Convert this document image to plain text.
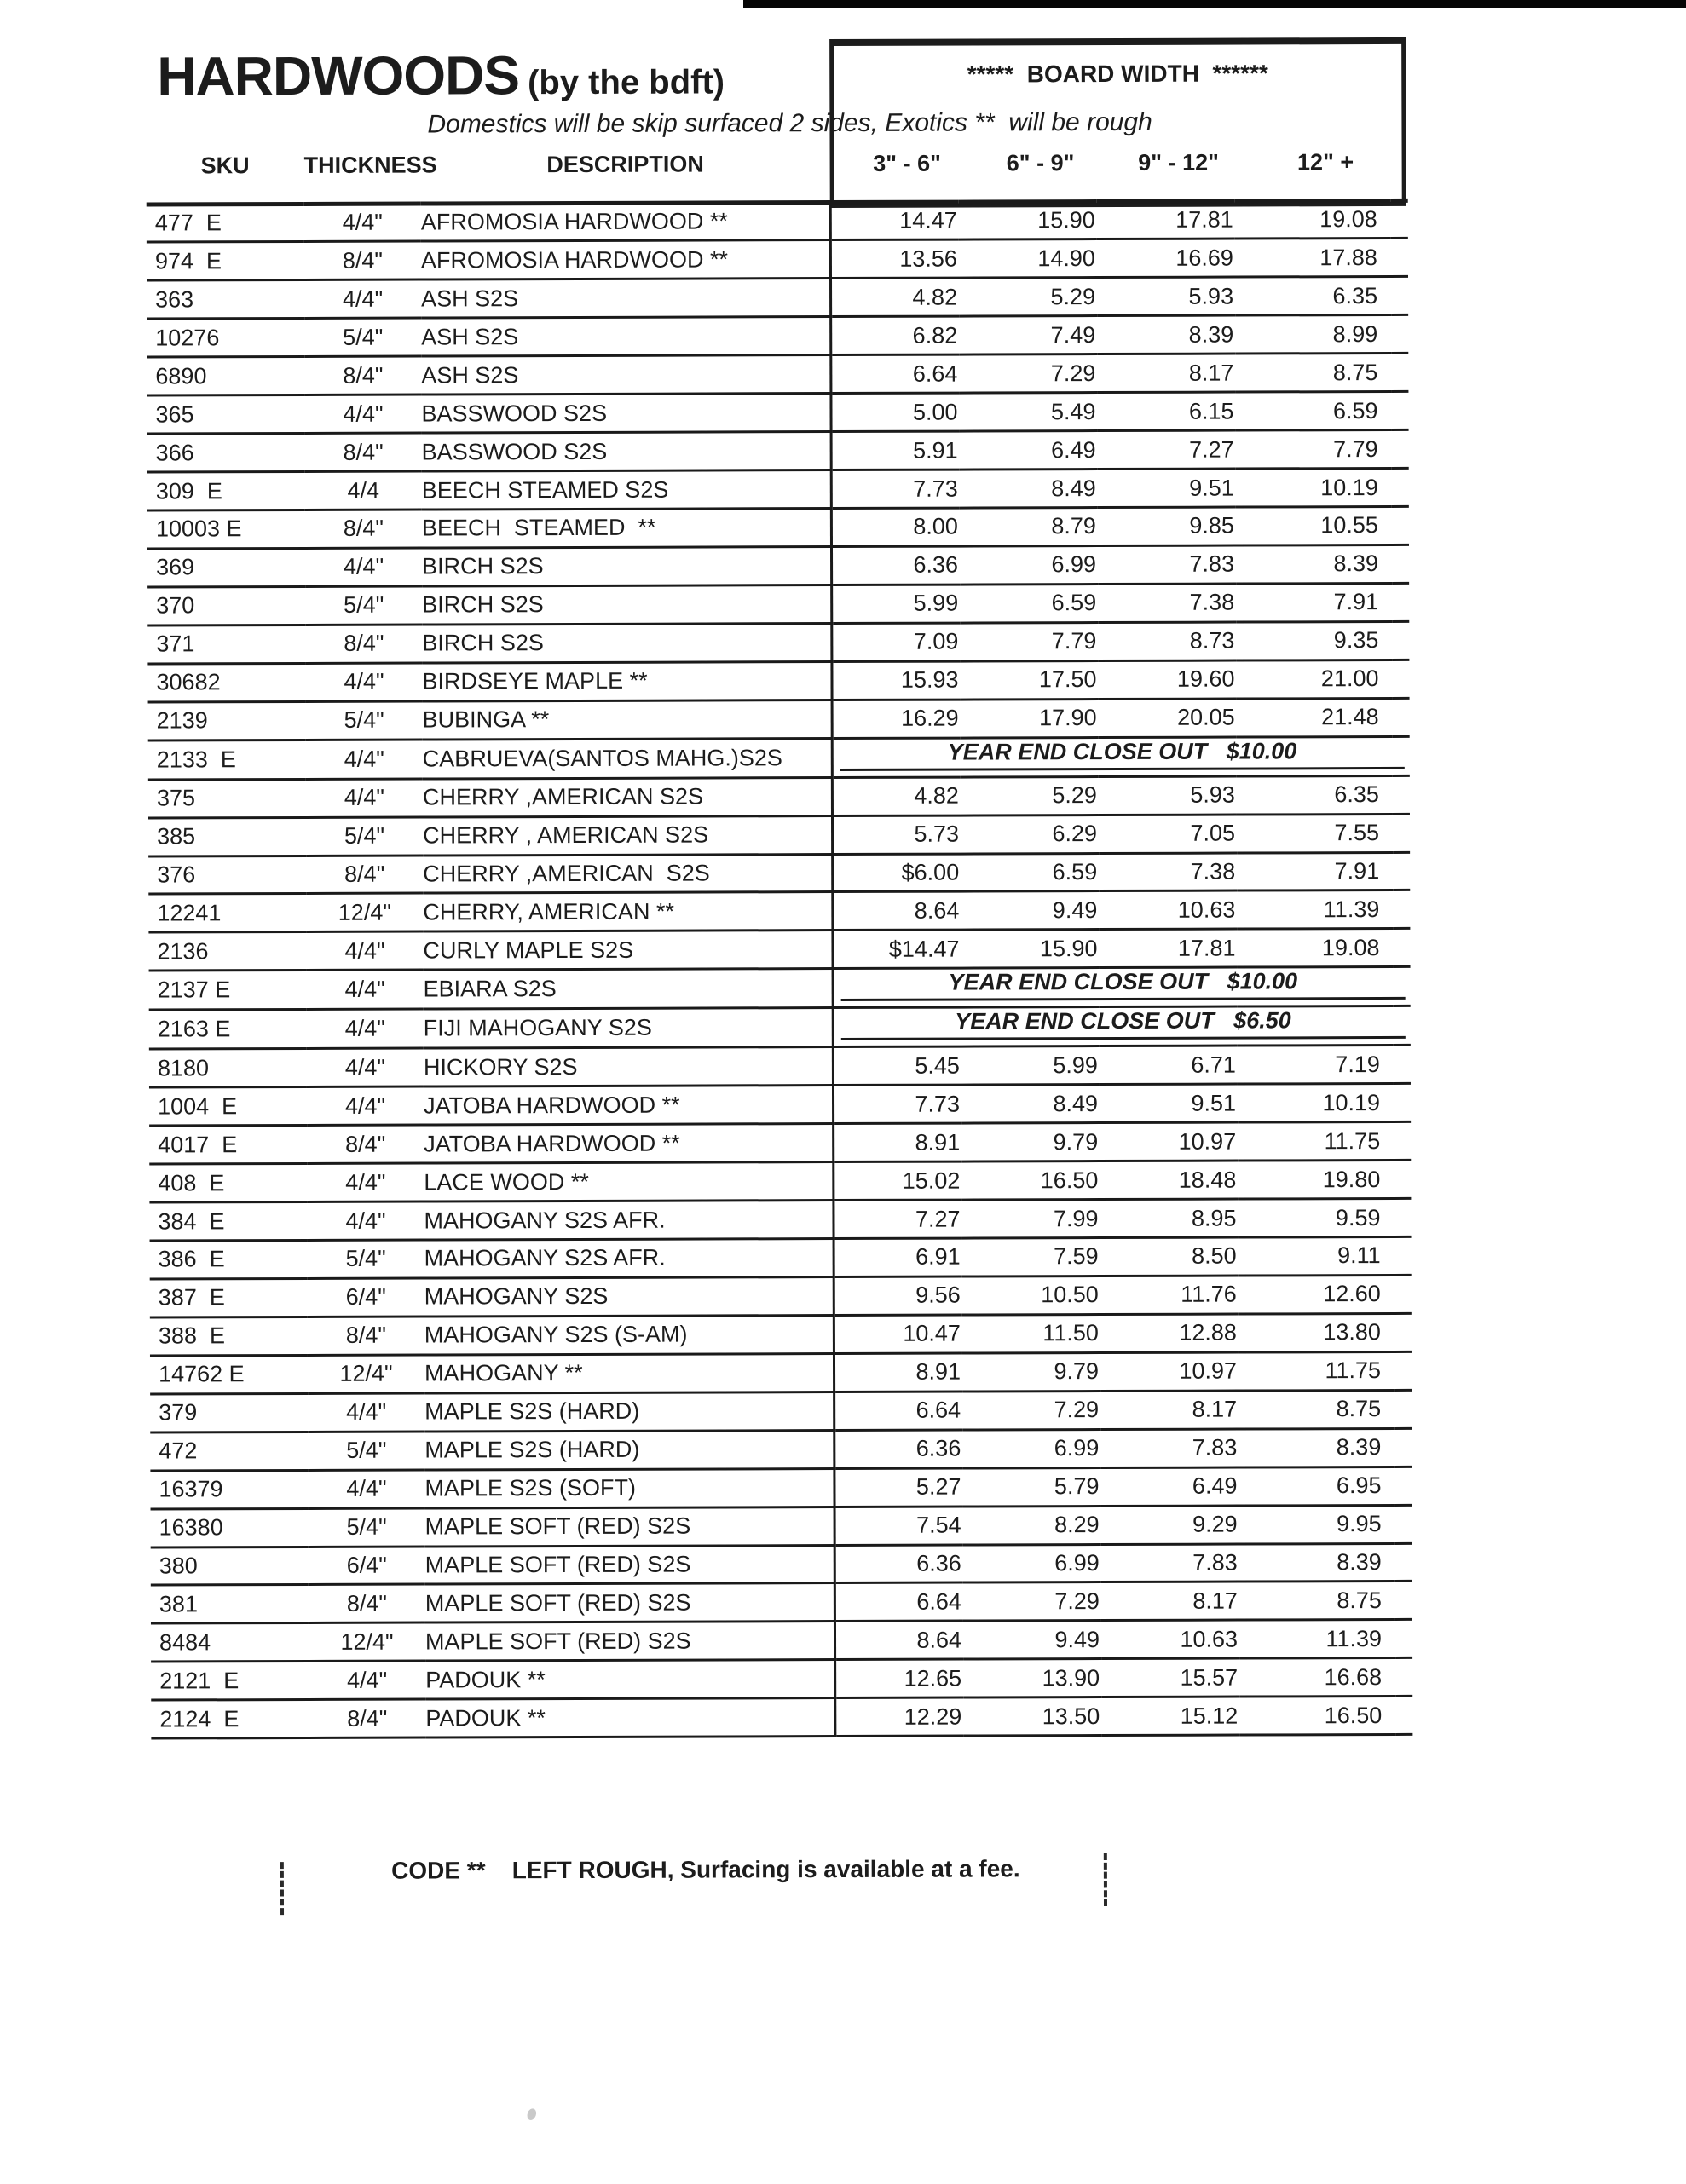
HARDWOODS (by the bdft)
Domestics will be skip surfaced 2 sides, Exotics **  will be rough
*****  BOARD WIDTH  ******
SKU	THICKNESS	DESCRIPTION	3" - 6"	6" - 9"	9" - 12"	12" +	
477  E	4/4"	AFROMOSIA HARDWOOD **	14.47	15.90	17.81	19.08	
974  E	8/4"	AFROMOSIA HARDWOOD **	13.56	14.90	16.69	17.88	
363	4/4"	ASH S2S	4.82	5.29	5.93	6.35	
10276	5/4"	ASH S2S	6.82	7.49	8.39	8.99	
6890	8/4"	ASH S2S	6.64	7.29	8.17	8.75	
365	4/4"	BASSWOOD S2S	5.00	5.49	6.15	6.59	
366	8/4"	BASSWOOD S2S	5.91	6.49	7.27	7.79	
309  E	4/4	BEECH STEAMED S2S	7.73	8.49	9.51	10.19	
10003 E	8/4"	BEECH  STEAMED  **	8.00	8.79	9.85	10.55	
369	4/4"	BIRCH S2S	6.36	6.99	7.83	8.39	
370	5/4"	BIRCH S2S	5.99	6.59	7.38	7.91	
371	8/4"	BIRCH S2S	7.09	7.79	8.73	9.35	
30682	4/4"	BIRDSEYE MAPLE **	15.93	17.50	19.60	21.00	
2139	5/4"	BUBINGA **	16.29	17.90	20.05	21.48	
2133  E	4/4"	CABRUEVA(SANTOS MAHG.)S2S	YEAR END CLOSE OUT   $10.00				

375	4/4"	CHERRY ,AMERICAN S2S	4.82	5.29	5.93	6.35	
385	5/4"	CHERRY , AMERICAN S2S	5.73	6.29	7.05	7.55	
376	8/4"	CHERRY ,AMERICAN  S2S	$6.00	6.59	7.38	7.91	
12241	12/4"	CHERRY, AMERICAN **	8.64	9.49	10.63	11.39	
2136	4/4"	CURLY MAPLE S2S	$14.47	15.90	17.81	19.08	
2137 E	4/4"	EBIARA S2S	YEAR END CLOSE OUT   $10.00				

2163 E	4/4"	FIJI MAHOGANY S2S	YEAR END CLOSE OUT   $6.50				

8180	4/4"	HICKORY S2S	5.45	5.99	6.71	7.19	
1004  E	4/4"	JATOBA HARDWOOD **	7.73	8.49	9.51	10.19	
4017  E	8/4"	JATOBA HARDWOOD **	8.91	9.79	10.97	11.75	
408  E	4/4"	LACE WOOD **	15.02	16.50	18.48	19.80	
384  E	4/4"	MAHOGANY S2S AFR.	7.27	7.99	8.95	9.59	
386  E	5/4"	MAHOGANY S2S AFR.	6.91	7.59	8.50	9.11	
387  E	6/4"	MAHOGANY S2S	9.56	10.50	11.76	12.60	
388  E	8/4"	MAHOGANY S2S (S-AM)	10.47	11.50	12.88	13.80	
14762 E	12/4"	MAHOGANY **	8.91	9.79	10.97	11.75	
379	4/4"	MAPLE S2S (HARD)	6.64	7.29	8.17	8.75	
472	5/4"	MAPLE S2S (HARD)	6.36	6.99	7.83	8.39	
16379	4/4"	MAPLE S2S (SOFT)	5.27	5.79	6.49	6.95	
16380	5/4"	MAPLE SOFT (RED) S2S	7.54	8.29	9.29	9.95	
380	6/4"	MAPLE SOFT (RED) S2S	6.36	6.99	7.83	8.39	
381	8/4"	MAPLE SOFT (RED) S2S	6.64	7.29	8.17	8.75	
8484	12/4"	MAPLE SOFT (RED) S2S	8.64	9.49	10.63	11.39	
2121  E	4/4"	PADOUK **	12.65	13.90	15.57	16.68	
2124  E	8/4"	PADOUK **	12.29	13.50	15.12	16.50	
CODE **    LEFT ROUGH, Surfacing is available at a fee.
